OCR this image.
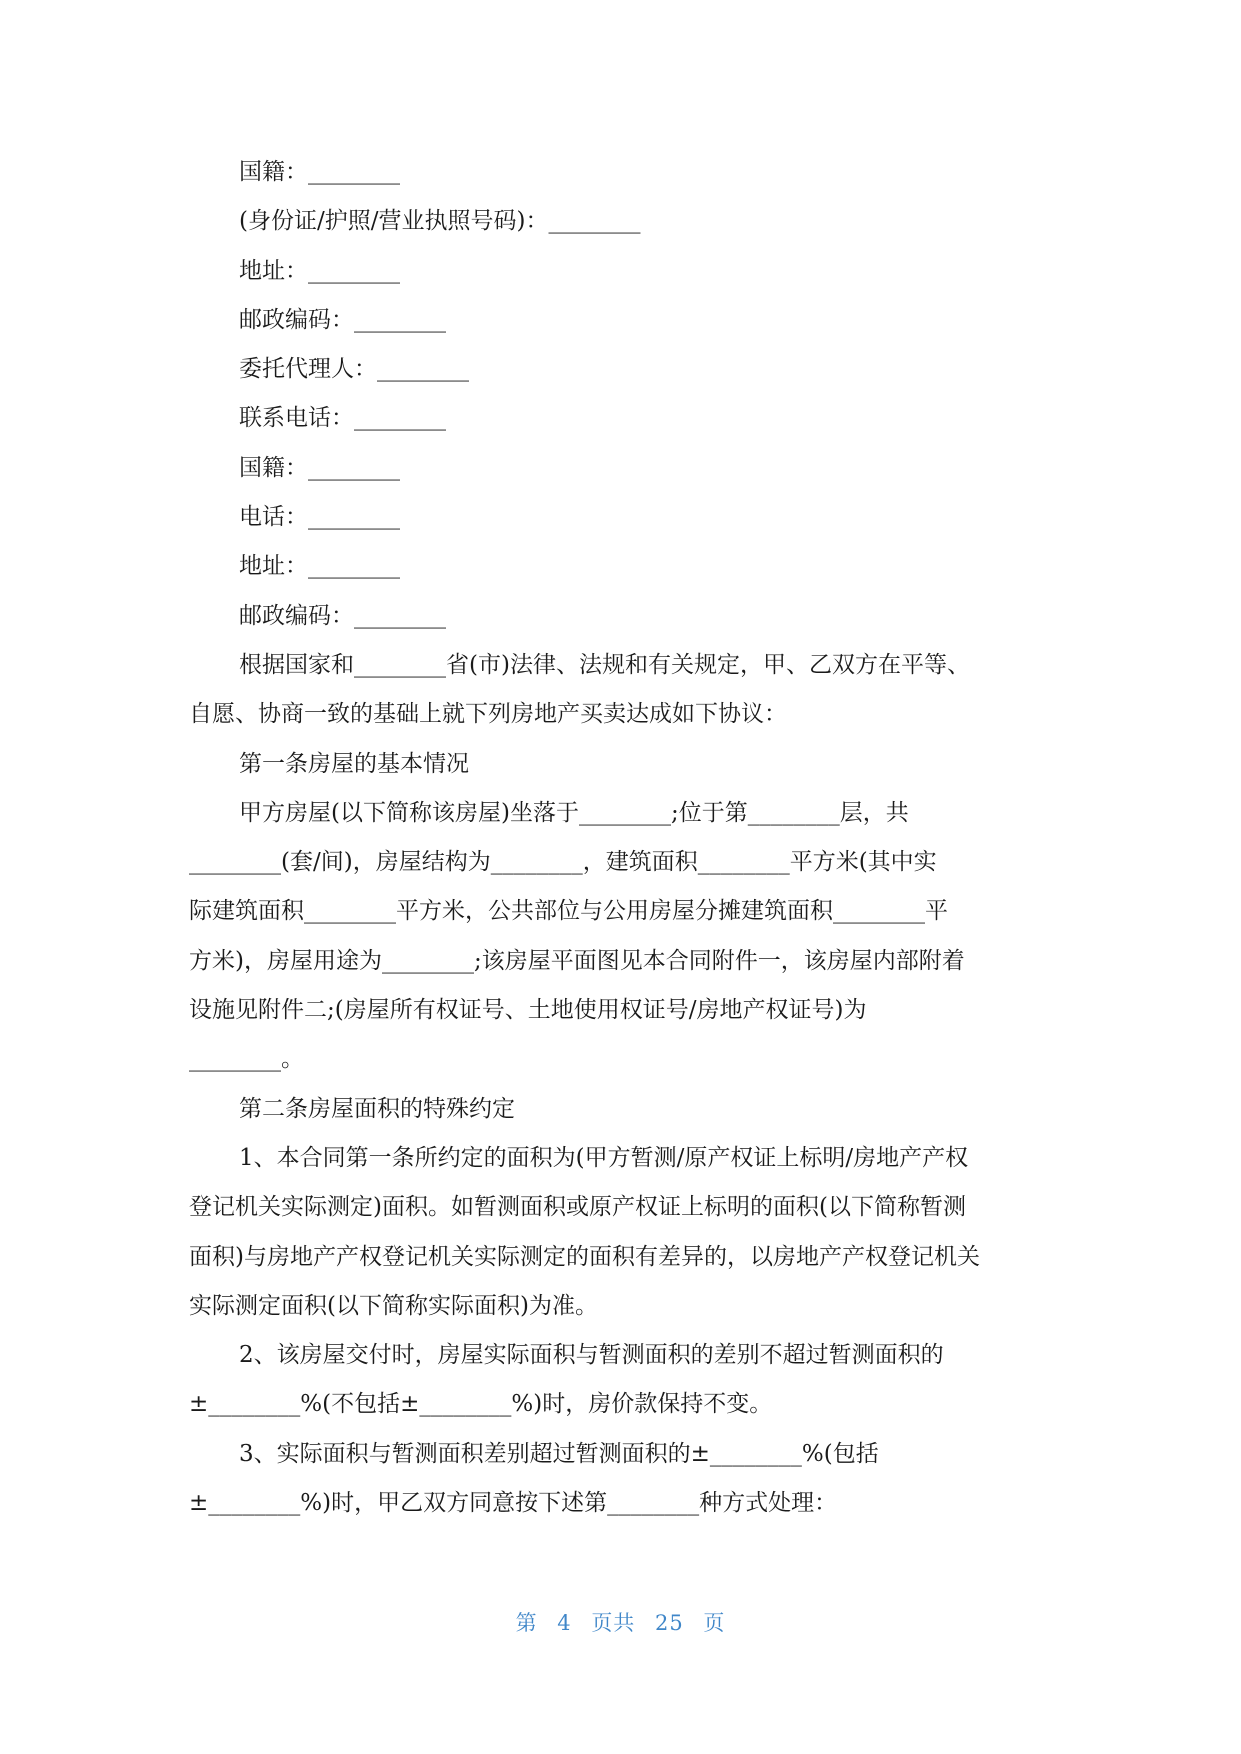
国籍：________

(身份证/护照/营业执照号码)：________

地址：________

邮政编码：________

委托代理人：________

联系电话：________

国籍：________

电话：________

地址：________

邮政编码：________

根据国家和________省(市)法律、法规和有关规定，甲、乙双方在平等、

自愿、协商一致的基础上就下列房地产买卖达成如下协议：

第一条房屋的基本情况

甲方房屋(以下简称该房屋)坐落于________;位于第________层，共

________(套/间)，房屋结构为________，建筑面积________平方米(其中实

际建筑面积________平方米，公共部位与公用房屋分摊建筑面积________平

方米)，房屋用途为________;该房屋平面图见本合同附件一，该房屋内部附着

设施见附件二;(房屋所有权证号、土地使用权证号/房地产权证号)为

________。

第二条房屋面积的特殊约定

1、本合同第一条所约定的面积为(甲方暂测/原产权证上标明/房地产产权

登记机关实际测定)面积。如暂测面积或原产权证上标明的面积(以下简称暂测

面积)与房地产产权登记机关实际测定的面积有差异的，以房地产产权登记机关

实际测定面积(以下简称实际面积)为准。

2、该房屋交付时，房屋实际面积与暂测面积的差别不超过暂测面积的

±________%(不包括±________%)时，房价款保持不变。

3、实际面积与暂测面积差别超过暂测面积的±________%(包括

±________%)时，甲乙双方同意按下述第________种方式处理：

第 4 页共 25 页
